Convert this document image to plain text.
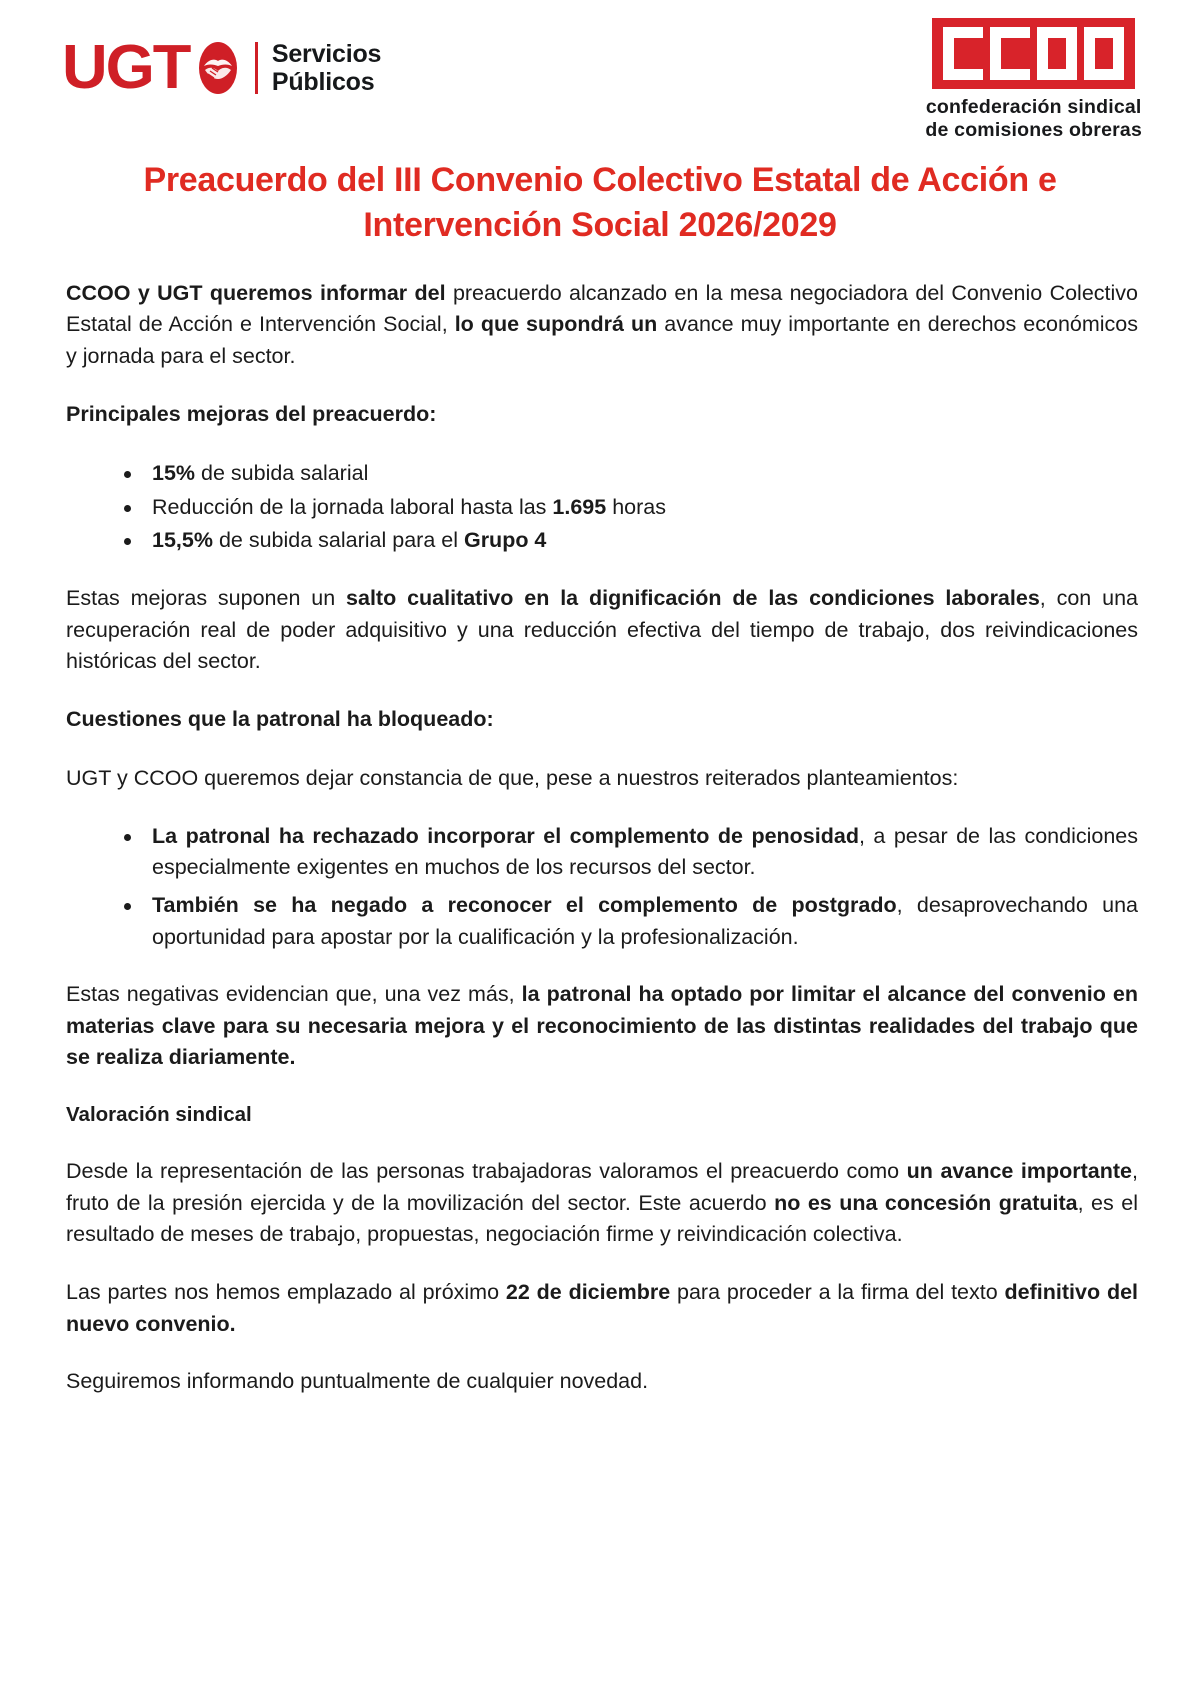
UGT	Servicios
Públicos
confederación sindical
de comisiones obreras
Preacuerdo del III Convenio Colectivo Estatal de Acción e Intervención Social 2026/2029

CCOO y UGT queremos informar del preacuerdo alcanzado en la mesa negociadora del Convenio Colectivo Estatal de Acción e Intervención Social, lo que supondrá un avance muy importante en derechos económicos y jornada para el sector.

Principales mejoras del preacuerdo:

15% de subida salarial
Reducción de la jornada laboral hasta las 1.695 horas
15,5% de subida salarial para el Grupo 4

Estas mejoras suponen un salto cualitativo en la dignificación de las condiciones laborales, con una recuperación real de poder adquisitivo y una reducción efectiva del tiempo de trabajo, dos reivindicaciones históricas del sector.

Cuestiones que la patronal ha bloqueado:

UGT y CCOO queremos dejar constancia de que, pese a nuestros reiterados planteamientos:

La patronal ha rechazado incorporar el complemento de penosidad, a pesar de las condiciones especialmente exigentes en muchos de los recursos del sector.
También se ha negado a reconocer el complemento de postgrado, desaprovechando una oportunidad para apostar por la cualificación y la profesionalización.

Estas negativas evidencian que, una vez más, la patronal ha optado por limitar el alcance del convenio en materias clave para su necesaria mejora y el reconocimiento de las distintas realidades del trabajo que se realiza diariamente.

Valoración sindical

Desde la representación de las personas trabajadoras valoramos el preacuerdo como un avance importante, fruto de la presión ejercida y de la movilización del sector. Este acuerdo no es una concesión gratuita, es el resultado de meses de trabajo, propuestas, negociación firme y reivindicación colectiva.

Las partes nos hemos emplazado al próximo 22 de diciembre para proceder a la firma del texto definitivo del nuevo convenio.

Seguiremos informando puntualmente de cualquier novedad.
